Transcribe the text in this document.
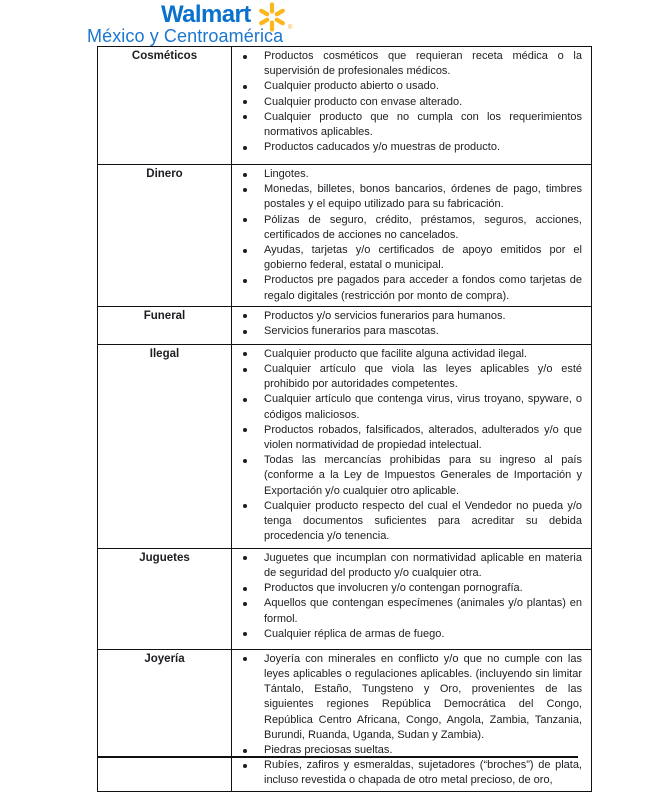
Walmart	®
México y Centroamérica
Cosméticos	Productos cosméticos que requieran receta médica o la supervisión de profesionales médicos.
Cualquier producto abierto o usado.
Cualquier producto con envase alterado.
Cualquier producto que no cumpla con los requerimientos normativos aplicables.
Productos caducados y/o muestras de producto.

Dinero	Lingotes.
Monedas, billetes, bonos bancarios, órdenes de pago, timbres postales y el equipo utilizado para su fabricación.
Pólizas de seguro, crédito, préstamos, seguros, acciones, certificados de acciones no cancelados.
Ayudas, tarjetas y/o certificados de apoyo emitidos por el gobierno federal, estatal o municipal.
Productos pre pagados para acceder a fondos como tarjetas de regalo digitales (restricción por monto de compra).

Funeral	Productos y/o servicios funerarios para humanos.
Servicios funerarios para mascotas.

Ilegal	Cualquier producto que facilite alguna actividad ilegal.
Cualquier artículo que viola las leyes aplicables y/o esté prohibido por autoridades competentes.
Cualquier artículo que contenga virus, virus troyano, spyware, o códigos maliciosos.
Productos robados, falsificados, alterados, adulterados y/o que violen normatividad de propiedad intelectual.
Todas las mercancías prohibidas para su ingreso al país (conforme a la Ley de Impuestos Generales de Importación y Exportación y/o cualquier otro aplicable.
Cualquier producto respecto del cual el Vendedor no pueda y/o tenga documentos suficientes para acreditar su debida procedencia y/o tenencia.

Juguetes	Juguetes que incumplan con normatividad aplicable en materia de seguridad del producto y/o cualquier otra.
Productos que involucren y/o contengan pornografía.
Aquellos que contengan especímenes (animales y/o plantas) en formol.
Cualquier réplica de armas de fuego.

Joyería	Joyería con minerales en conflicto y/o que no cumple con las leyes aplicables o regulaciones aplicables. (incluyendo sin limitar Tántalo, Estaño, Tungsteno y Oro, provenientes de las siguientes regiones República Democrática del Congo, República Centro Africana, Congo, Angola, Zambia, Tanzania, Burundi, Ruanda, Uganda, Sudan y Zambia).
Piedras preciosas sueltas.
Rubíes, zafiros y esmeraldas, sujetadores (“broches”) de plata, incluso revestida o chapada de otro metal precioso, de oro,
